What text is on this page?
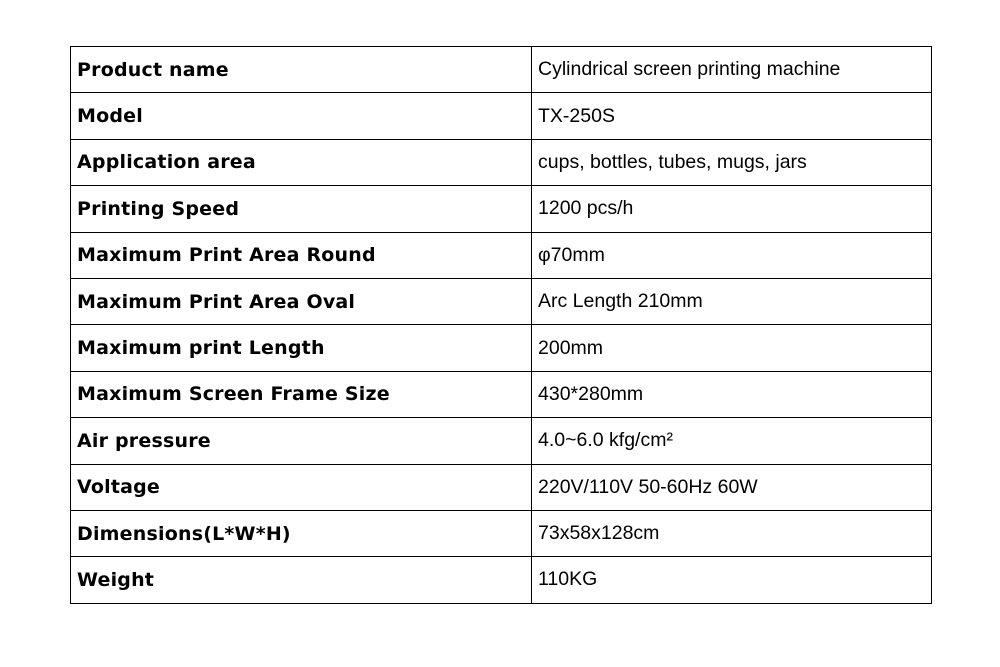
Product name	Cylindrical screen printing machine
Model	TX-250S
Application area	cups, bottles, tubes, mugs, jars
Printing Speed	1200 pcs/h
Maximum Print Area Round	φ70mm
Maximum Print Area Oval	Arc Length 210mm
Maximum print Length	200mm
Maximum Screen Frame Size	430*280mm
Air pressure	4.0~6.0 kfg/cm²
Voltage	220V/110V 50-60Hz 60W
Dimensions(L*W*H)	73x58x128cm
Weight	110KG
